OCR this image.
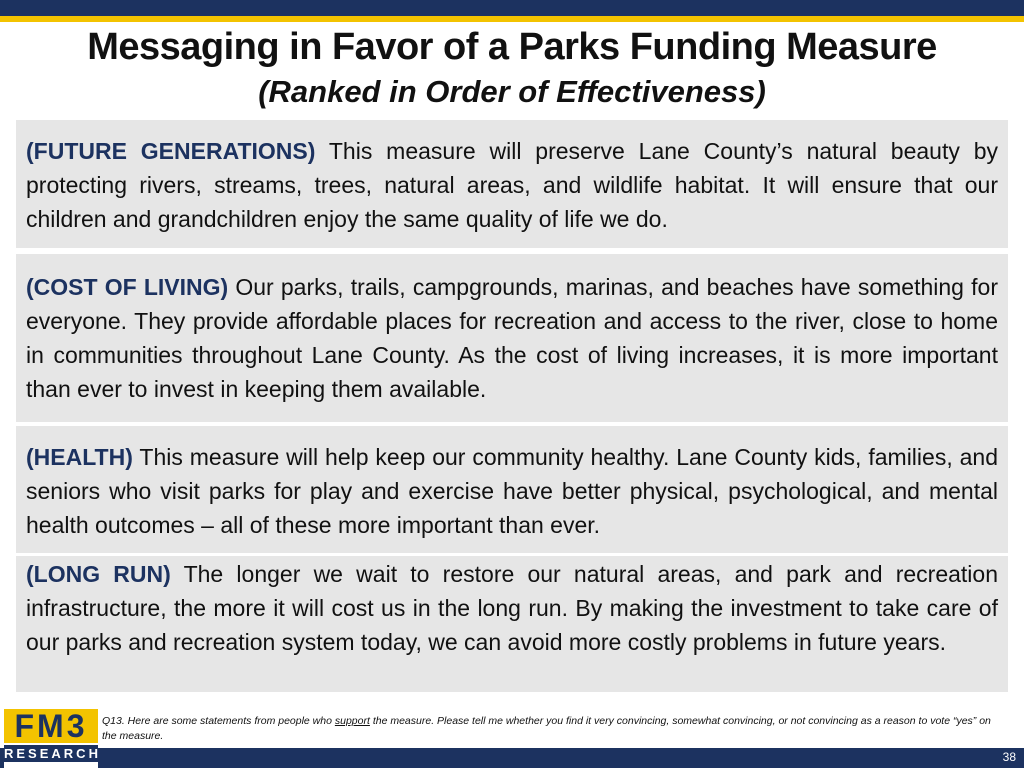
Messaging in Favor of a Parks Funding Measure
(Ranked in Order of Effectiveness)
(FUTURE GENERATIONS) This measure will preserve Lane County’s natural beauty by protecting rivers, streams, trees, natural areas, and wildlife habitat. It will ensure that our children and grandchildren enjoy the same quality of life we do.
(COST OF LIVING) Our parks, trails, campgrounds, marinas, and beaches have something for everyone. They provide affordable places for recreation and access to the river, close to home in communities throughout Lane County. As the cost of living increases, it is more important than ever to invest in keeping them available.
(HEALTH) This measure will help keep our community healthy. Lane County kids, families, and seniors who visit parks for play and exercise have better physical, psychological, and mental health outcomes – all of these more important than ever.
(LONG RUN) The longer we wait to restore our natural areas, and park and recreation infrastructure, the more it will cost us in the long run. By making the investment to take care of our parks and recreation system today, we can avoid more costly problems in future years.
38
FM3
RESEARCH
Q13. Here are some statements from people who support the measure. Please tell me whether you find it very convincing, somewhat convincing, or not convincing as a reason to vote “yes” on the measure.
